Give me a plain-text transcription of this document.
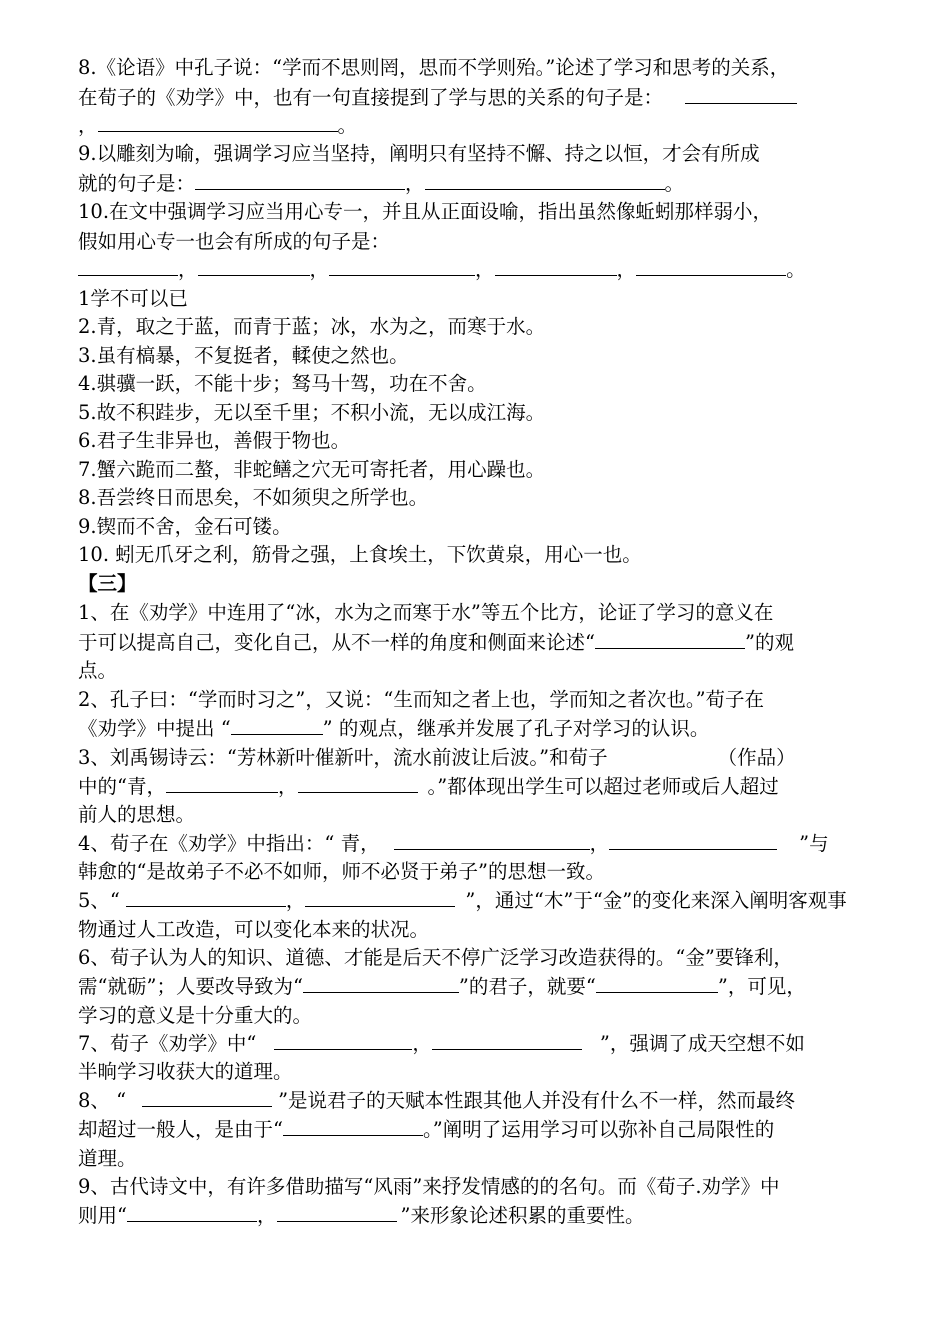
8.《论语》中孔子说：“学而不思则罔，思而不学则殆。”论述了学习和思考的关系，
在荀子的《劝学》中，也有一句直接提到了学与思的关系的句子是：
，	。
9.以雕刻为喻，强调学习应当坚持，阐明只有坚持不懈、持之以恒，才会有所成
就的句子是：	，	。
10.在文中强调学习应当用心专一，并且从正面设喻，指出虽然像蚯蚓那样弱小，
假如用心专一也会有所成的句子是：
，	，	，	，	。
1学不可以已
2.青，取之于蓝，而青于蓝；冰，水为之，而寒于水。
3.虽有槁暴，不复挺者，輮使之然也。
4.骐骥一跃，不能十步；驽马十驾，功在不舍。
5.故不积跬步，无以至千里；不积小流，无以成江海。
6.君子生非异也，善假于物也。
7.蟹六跪而二螯，非蛇鳝之穴无可寄托者，用心躁也。
8.吾尝终日而思矣，不如须臾之所学也。
9.锲而不舍，金石可镂。
10. 蚓无爪牙之利，筋骨之强，上食埃土，下饮黄泉，用心一也。
【三】
1、在《劝学》中连用了“冰，水为之而寒于水”等五个比方，论证了学习的意义在
于可以提高自己，变化自己，从不一样的角度和侧面来论述“	”的观
点。
2、孔子曰：“学而时习之”，又说：“生而知之者上也，学而知之者次也。”荀子在
《劝学》中提出 “	” 的观点，继承并发展了孔子对学习的认识。
3、刘禹锡诗云：“芳林新叶催新叶，流水前波让后波。”和荀子	（作品）
中的“青，	，	。”都体现出学生可以超过老师或后人超过
前人的思想。
4、荀子在《劝学》中指出：“ 青，	，	”与
韩愈的“是故弟子不必不如师，师不必贤于弟子”的思想一致。
5、“	，	”，通过“木”于“金”的变化来深入阐明客观事
物通过人工改造，可以变化本来的状况。
6、荀子认为人的知识、道德、才能是后天不停广泛学习改造获得的。“金”要锋利，
需“就砺”；人要改导致为“	”的君子，就要“	”，可见，
学习的意义是十分重大的。
7、荀子《劝学》中“	，	”，强调了成天空想不如
半晌学习收获大的道理。
8、 “	”是说君子的天赋本性跟其他人并没有什么不一样，然而最终
却超过一般人，是由于“	。”阐明了运用学习可以弥补自己局限性的
道理。
9、古代诗文中，有许多借助描写“风雨”来抒发情感的的名句。而《荀子.劝学》中
则用“	，	”来形象论述积累的重要性。
